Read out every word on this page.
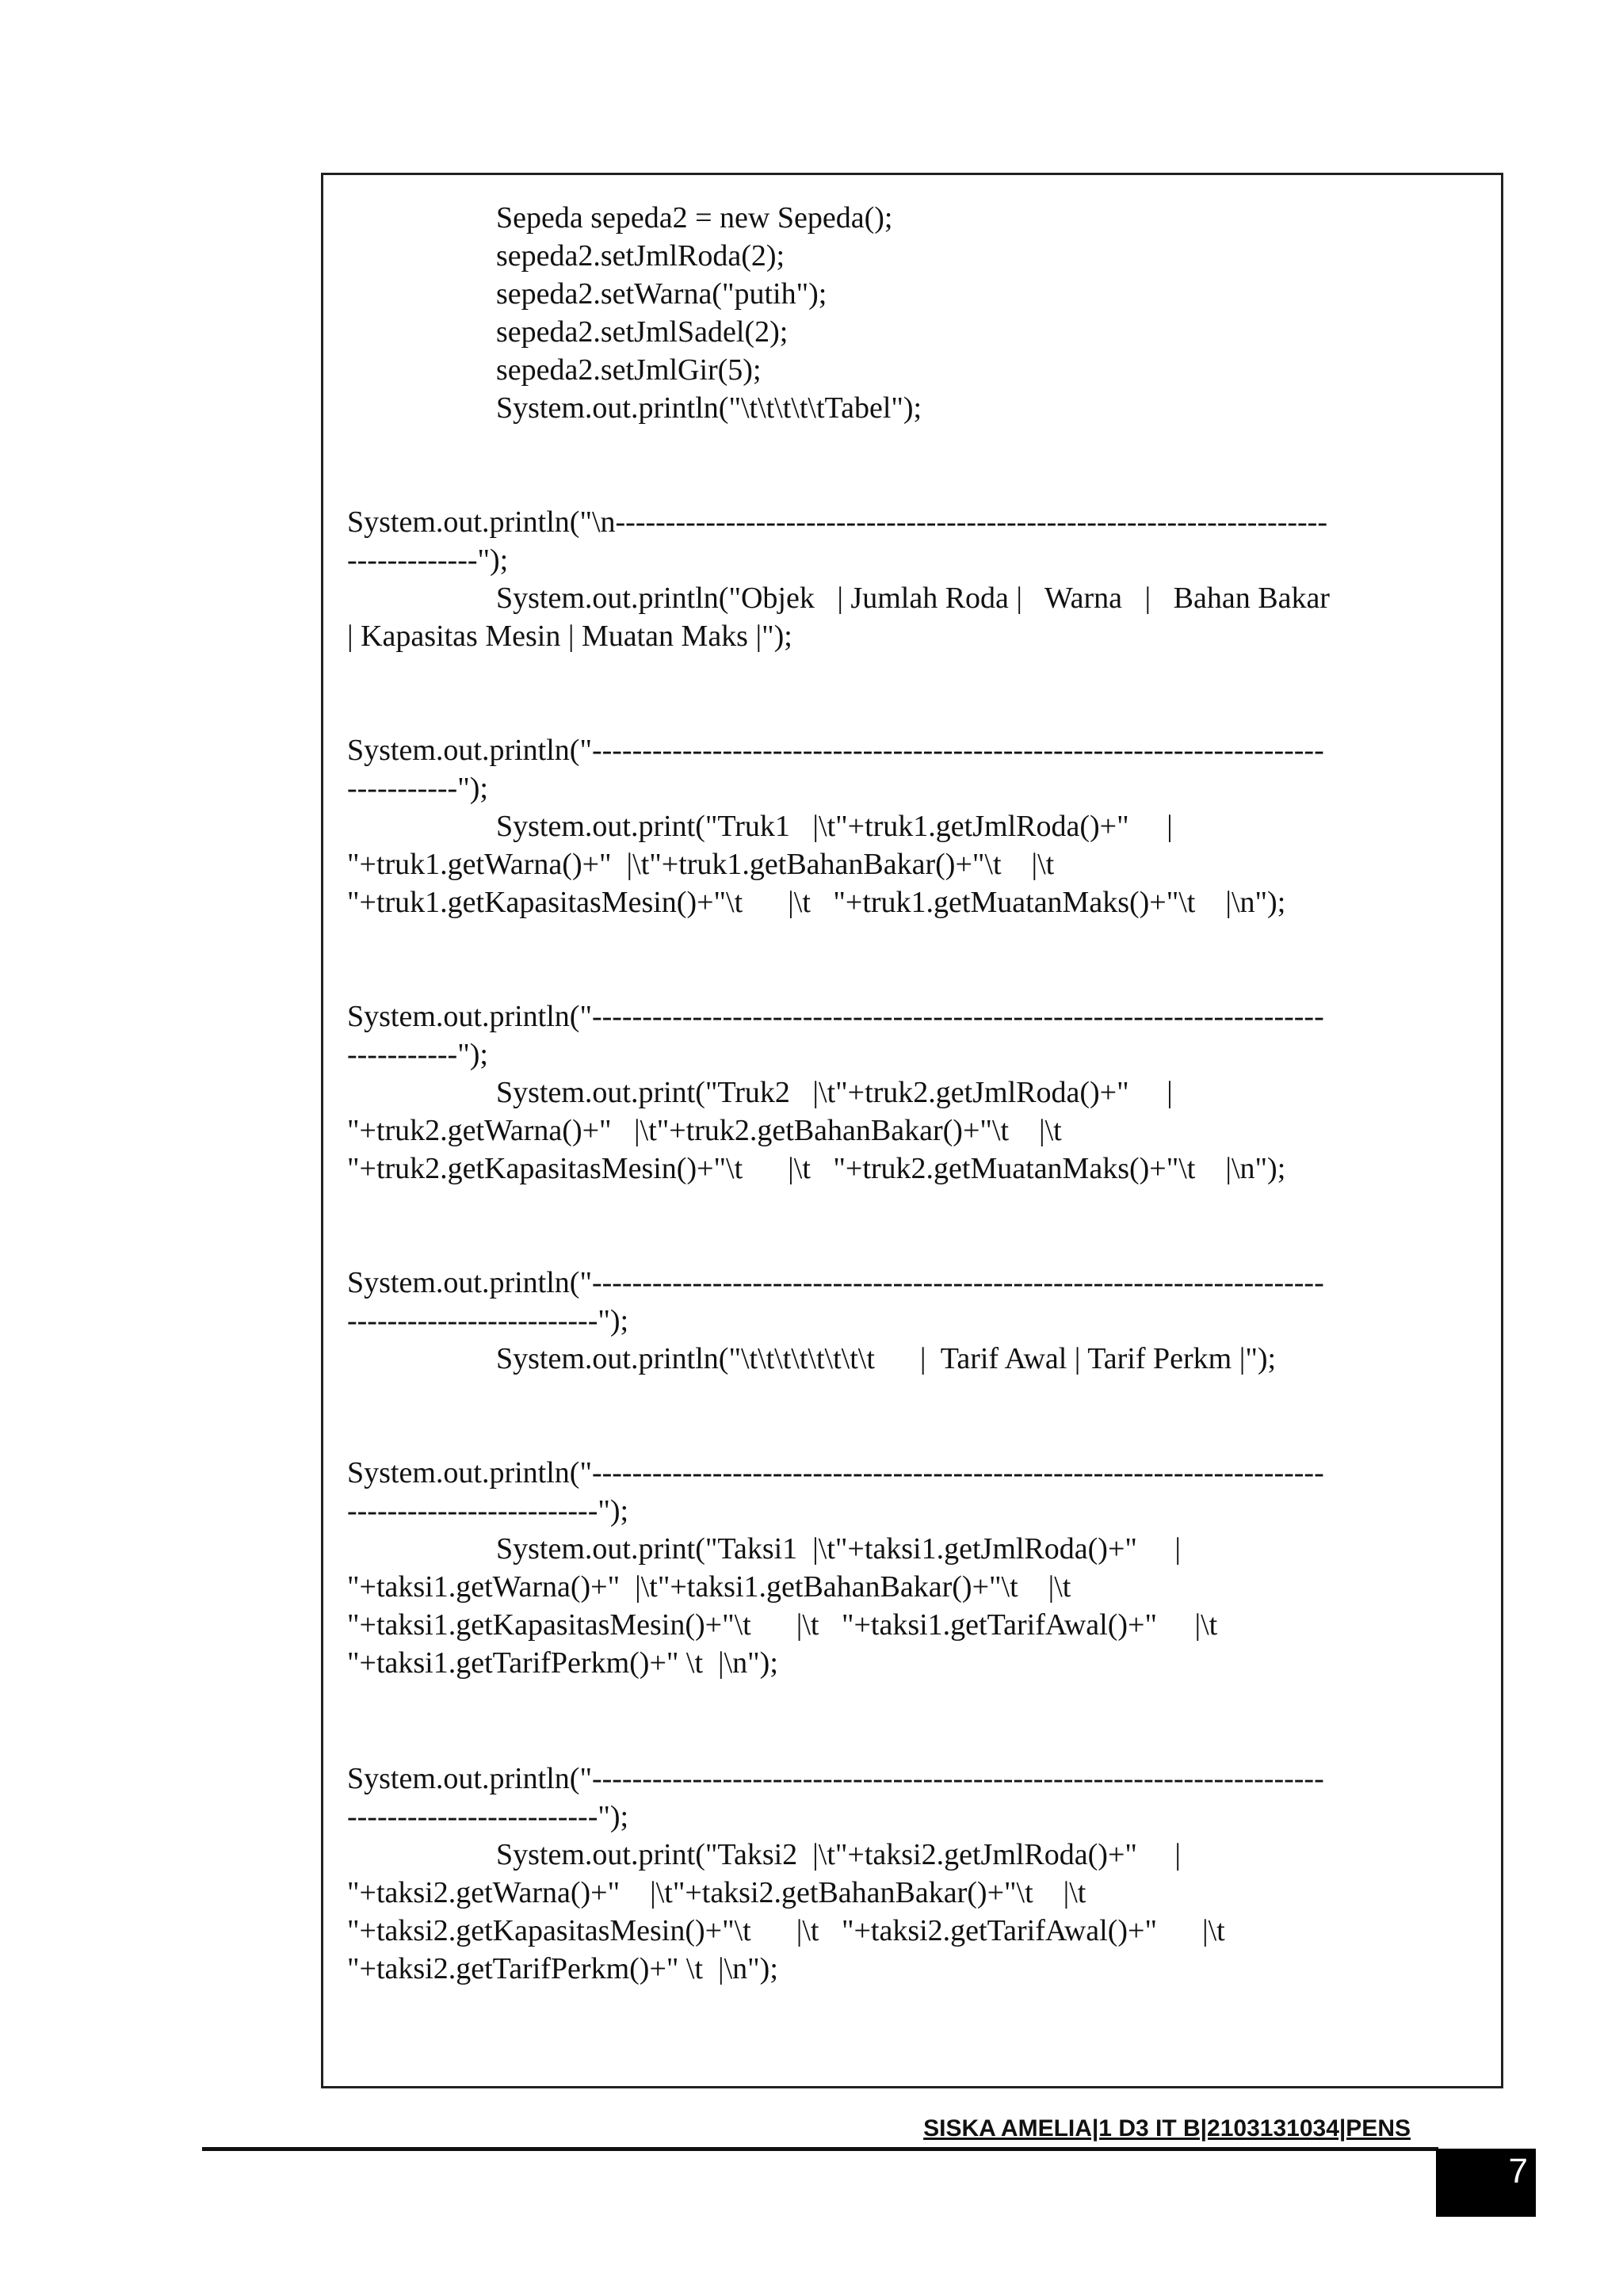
Sepeda sepeda2 = new Sepeda();

sepeda2.setJmlRoda(2);

sepeda2.setWarna("putih");

sepeda2.setJmlSadel(2);

sepeda2.setJmlGir(5);

System.out.println("\t\t\t\t\tTabel");

System.out.println("\n-----------------------------------------------------------------------

-------------");

System.out.println("Objek   | Jumlah Roda |   Warna   |   Bahan Bakar

| Kapasitas Mesin | Muatan Maks |");

System.out.println("-------------------------------------------------------------------------

-----------");

System.out.print("Truk1   |\t"+truk1.getJmlRoda()+"     |

"+truk1.getWarna()+"  |\t"+truk1.getBahanBakar()+"\t    |\t

"+truk1.getKapasitasMesin()+"\t      |\t   "+truk1.getMuatanMaks()+"\t    |\n");

System.out.println("-------------------------------------------------------------------------

-----------");

System.out.print("Truk2   |\t"+truk2.getJmlRoda()+"     |

"+truk2.getWarna()+"   |\t"+truk2.getBahanBakar()+"\t    |\t

"+truk2.getKapasitasMesin()+"\t      |\t   "+truk2.getMuatanMaks()+"\t    |\n");

System.out.println("-------------------------------------------------------------------------

-------------------------");

System.out.println("\t\t\t\t\t\t\t\t      |  Tarif Awal | Tarif Perkm |");

System.out.println("-------------------------------------------------------------------------

-------------------------");

System.out.print("Taksi1  |\t"+taksi1.getJmlRoda()+"     |

"+taksi1.getWarna()+"  |\t"+taksi1.getBahanBakar()+"\t    |\t

"+taksi1.getKapasitasMesin()+"\t      |\t   "+taksi1.getTarifAwal()+"     |\t

"+taksi1.getTarifPerkm()+" \t  |\n");

System.out.println("-------------------------------------------------------------------------

-------------------------");

System.out.print("Taksi2  |\t"+taksi2.getJmlRoda()+"     |

"+taksi2.getWarna()+"    |\t"+taksi2.getBahanBakar()+"\t    |\t

"+taksi2.getKapasitasMesin()+"\t      |\t   "+taksi2.getTarifAwal()+"      |\t

"+taksi2.getTarifPerkm()+" \t  |\n");

SISKA AMELIA|1 D3 IT B|2103131034|PENS
7
